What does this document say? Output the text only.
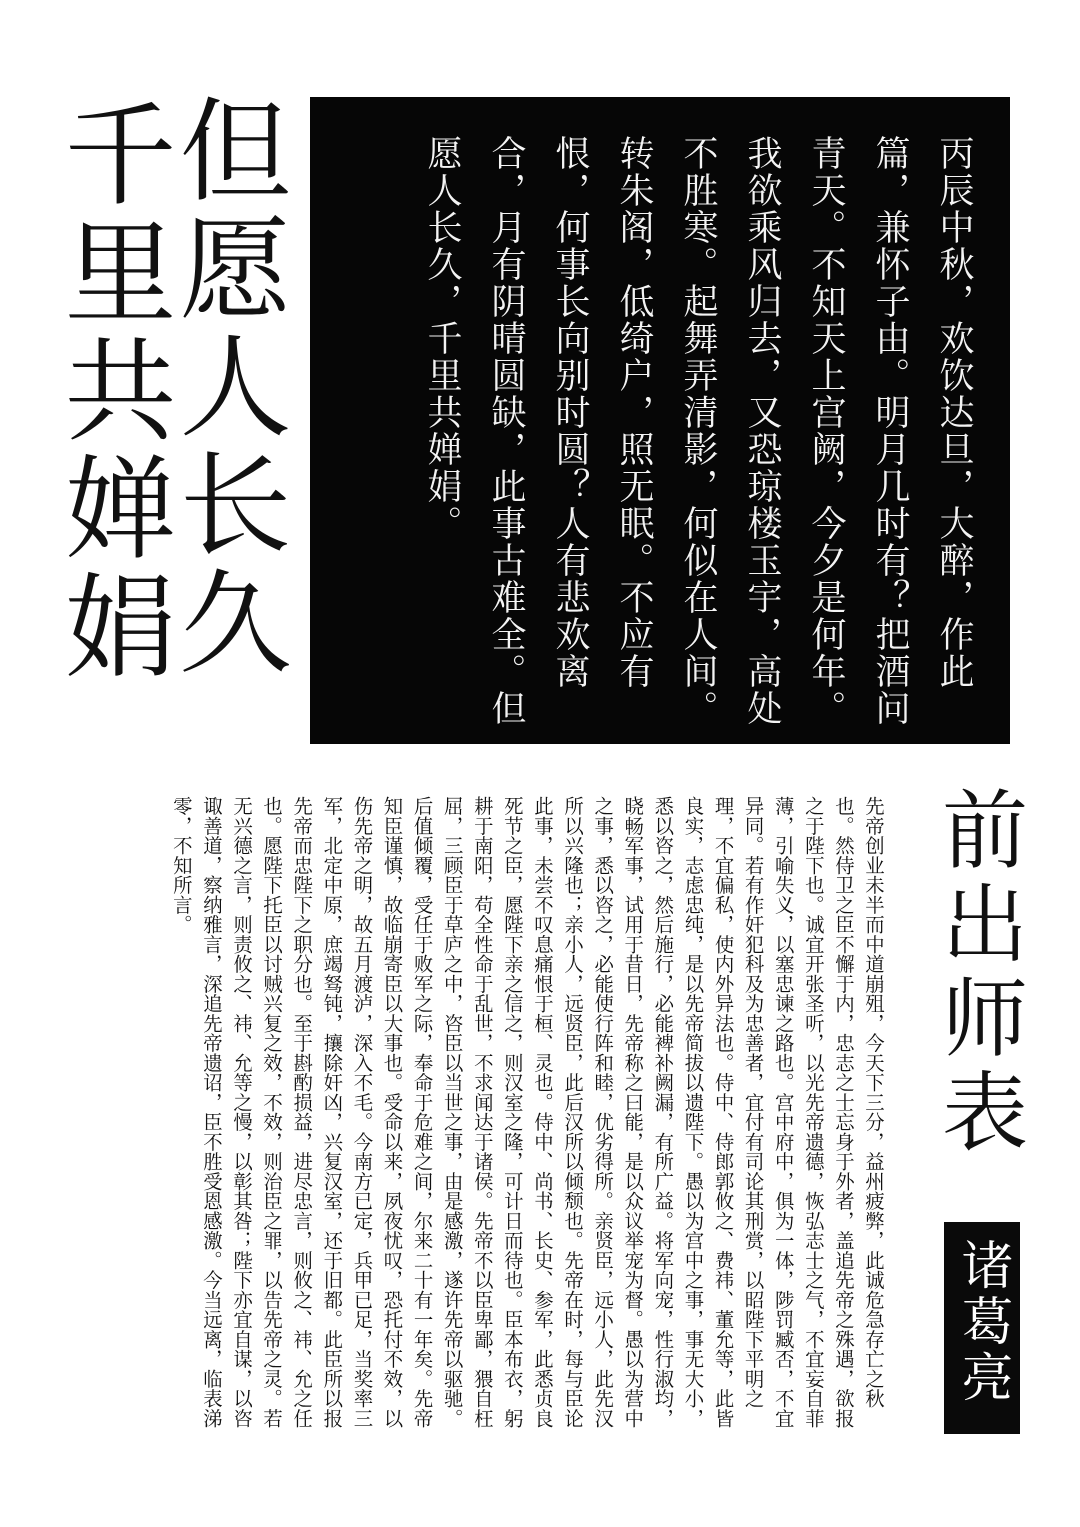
但愿人长久
千里共婵娟	丙辰中秋，欢饮达旦，大醉，作此篇，兼怀子由。明月几时有？把酒问青天。不知天上宫阙，今夕是何年。我欲乘风归去，又恐琼楼玉宇，高处不胜寒。起舞弄清影，何似在人间。转朱阁，低绮户，照无眠。不应有恨，何事长向别时圆？人有悲欢离合，月有阴晴圆缺，此事古难全。但愿人长久，千里共婵娟。
前出师表
诸葛亮
先帝创业未半而中道崩殂，今天下三分，益州疲弊，此诚危急存亡之秋也。然侍卫之臣不懈于内，忠志之士忘身于外者，盖追先帝之殊遇，欲报之于陛下也。诚宜开张圣听，以光先帝遗德，恢弘志士之气，不宜妄自菲薄，引喻失义，以塞忠谏之路也。宫中府中，俱为一体，陟罚臧否，不宜异同。若有作奸犯科及为忠善者，宜付有司论其刑赏，以昭陛下平明之理，不宜偏私，使内外异法也。侍中、侍郎郭攸之、费祎、董允等，此皆良实，志虑忠纯，是以先帝简拔以遗陛下。愚以为宫中之事，事无大小，悉以咨之，然后施行，必能裨补阙漏，有所广益。将军向宠，性行淑均，晓畅军事，试用于昔日，先帝称之曰能，是以众议举宠为督。愚以为营中之事，悉以咨之，必能使行阵和睦，优劣得所。亲贤臣，远小人，此先汉所以兴隆也；亲小人，远贤臣，此后汉所以倾颓也。先帝在时，每与臣论此事，未尝不叹息痛恨于桓、灵也。侍中、尚书、长史、参军，此悉贞良死节之臣，愿陛下亲之信之，则汉室之隆，可计日而待也。臣本布衣，躬耕于南阳，苟全性命于乱世，不求闻达于诸侯。先帝不以臣卑鄙，猥自枉屈，三顾臣于草庐之中，咨臣以当世之事，由是感激，遂许先帝以驱驰。后值倾覆，受任于败军之际，奉命于危难之间，尔来二十有一年矣。先帝知臣谨慎，故临崩寄臣以大事也。受命以来，夙夜忧叹，恐托付不效，以伤先帝之明，故五月渡泸，深入不毛。今南方已定，兵甲已足，当奖率三军，北定中原，庶竭驽钝，攘除奸凶，兴复汉室，还于旧都。此臣所以报先帝而忠陛下之职分也。至于斟酌损益，进尽忠言，则攸之、祎、允之任也。愿陛下托臣以讨贼兴复之效，不效，则治臣之罪，以告先帝之灵。若无兴德之言，则责攸之、祎、允等之慢，以彰其咎；陛下亦宜自谋，以咨诹善道，察纳雅言，深追先帝遗诏，臣不胜受恩感激。今当远离，临表涕零，不知所言。
